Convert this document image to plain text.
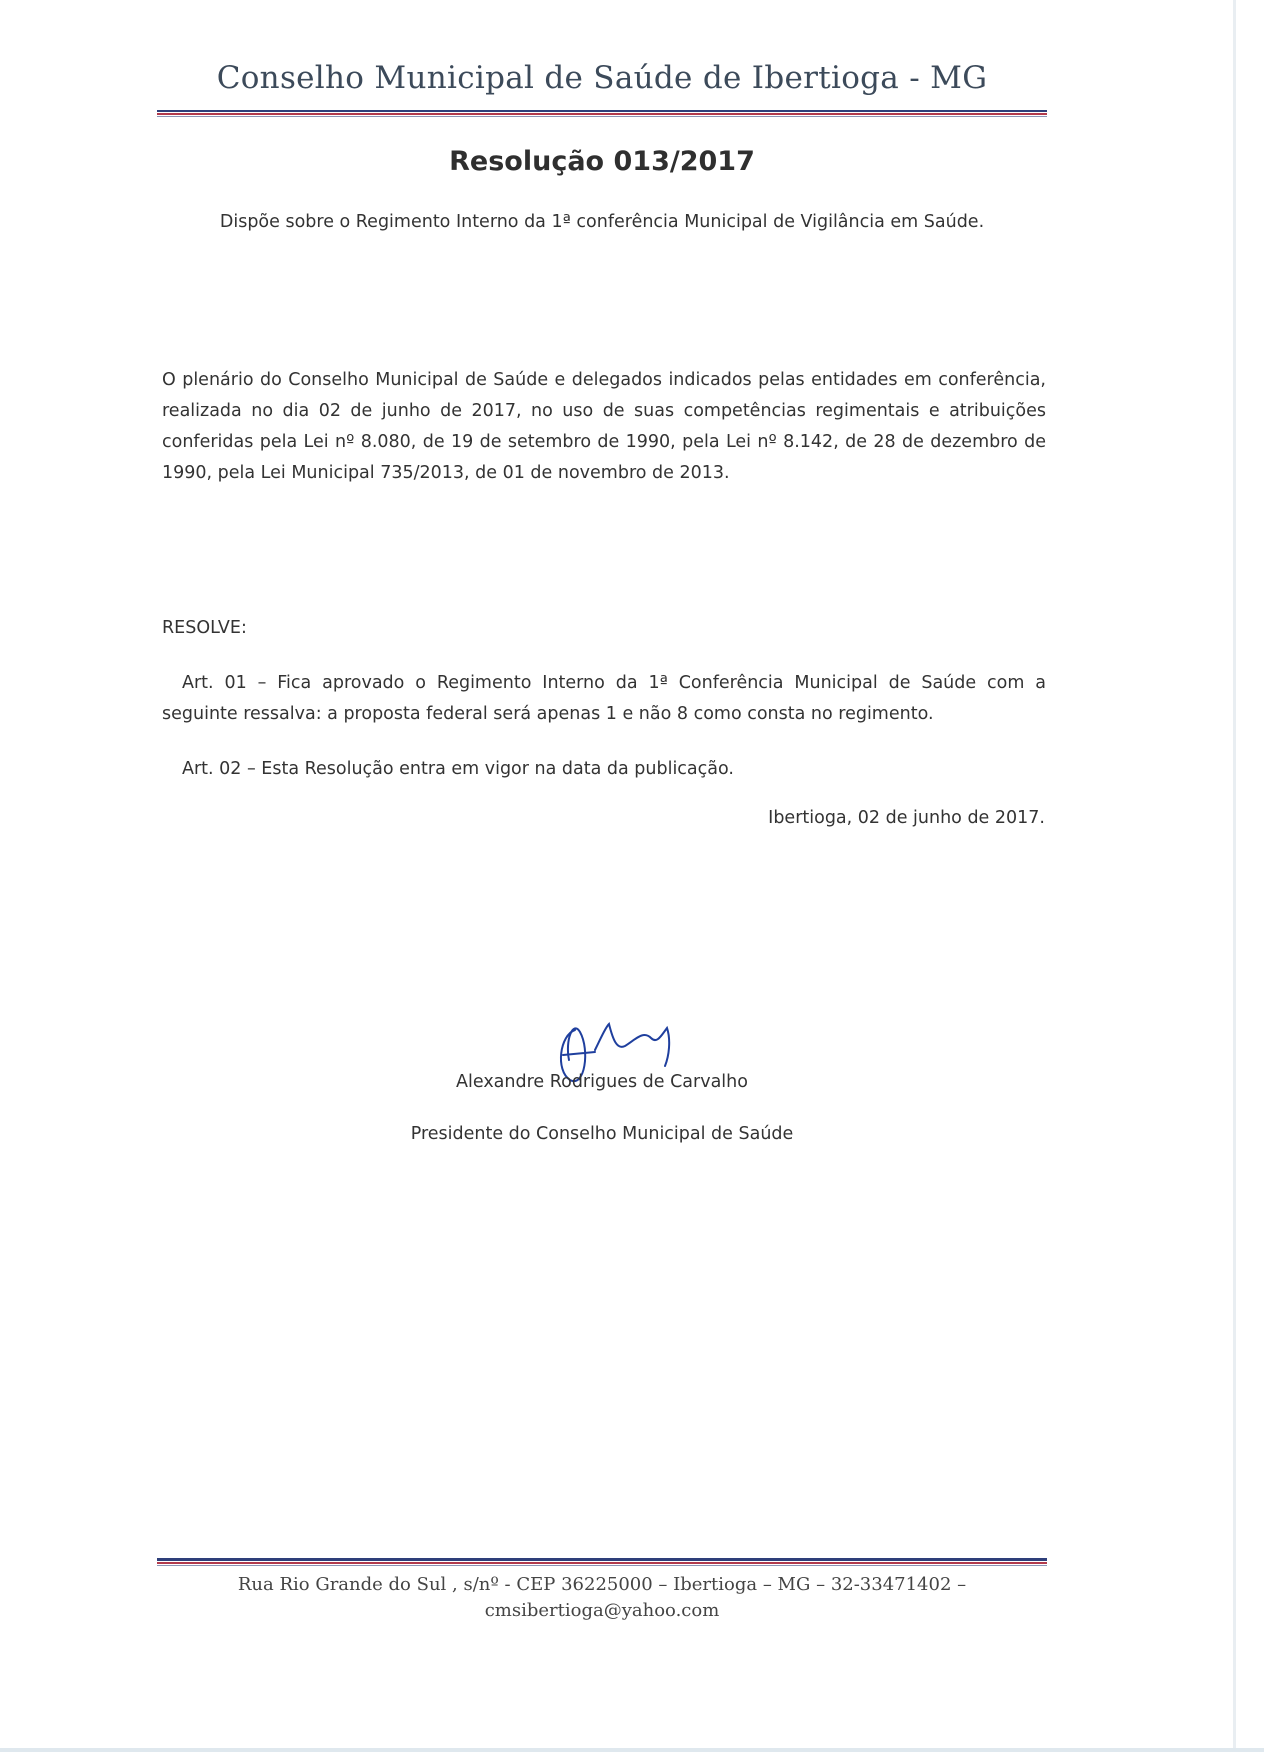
Conselho Municipal de Saúde de Ibertioga - MG
Resolução 013/2017
Dispõe sobre o Regimento Interno da 1ª conferência Municipal de Vigilância em Saúde.
O plenário do Conselho Municipal de Saúde e delegados indicados pelas entidades em conferência, realizada no dia 02 de junho de 2017, no uso de suas competências regimentais e atribuições conferidas pela Lei nº 8.080, de 19 de setembro de 1990, pela Lei nº 8.142, de 28 de dezembro de 1990, pela Lei Municipal 735/2013, de 01 de novembro de 2013.
RESOLVE:
Art. 01 – Fica aprovado o Regimento Interno da 1ª Conferência Municipal de Saúde com a seguinte ressalva: a proposta federal será apenas 1 e não 8 como consta no regimento.
Art. 02 – Esta Resolução entra em vigor na data da publicação.
Ibertioga, 02 de junho de 2017.
Alexandre Rodrigues de Carvalho
Presidente do Conselho Municipal de Saúde
Rua Rio Grande do Sul , s/nº - CEP 36225000 – Ibertioga – MG – 32-33471402 –
cmsibertioga@yahoo.com
